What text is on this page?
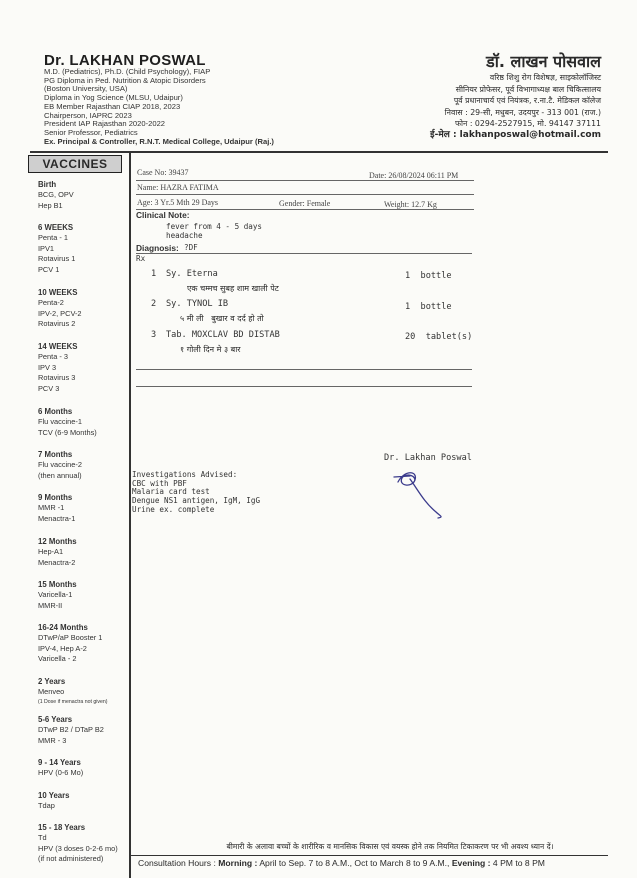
Dr. LAKHAN POSWAL
M.D. (Pediatrics), Ph.D. (Child Psychology), FIAP
PG Diploma in Ped. Nutrition & Atopic Disorders
(Boston University, USA)
Diploma in Yog Science (MLSU, Udaipur)
EB Member Rajasthan CIAP 2018, 2023
Chairperson, IAPRC 2023
President IAP Rajasthan 2020-2022
Senior Professor, Pediatrics
Ex. Principal & Controller, R.N.T. Medical College, Udaipur (Raj.)
डॉ. लाखन पोसवाल
वरिष्ठ शिशु रोग विशेषज्ञ, साइकोलॉजिस्ट
सीनियर प्रोफेसर, पूर्व विभागाध्यक्ष बाल चिकित्सालय
पूर्व प्रधानाचार्य एवं नियंत्रक, र.ना.टै. मेडिकल कॉलेज
निवास : 29-सी, मधुबन, उदयपुर - 313 001 (राज.)
फोन : 0294-2527915, मो. 94147 37111
ई-मेल : lakhanposwal@hotmail.com
VACCINES
Birth
BCG, OPV
Hep B1
6 WEEKS
Penta - 1
IPV1
Rotavirus 1
PCV 1
10 WEEKS
Penta-2
IPV-2, PCV-2
Rotavirus 2
14 WEEKS
Penta - 3
IPV 3
Rotavirus 3
PCV 3
6 Months
Flu vaccine-1
TCV (6-9 Months)
7 Months
Flu vaccine-2
(then annual)
9 Months
MMR -1
Menactra-1
12 Months
Hep-A1
Menactra-2
15 Months
Varicella-1
MMR-II
16-24 Months
DTwP/aP Booster 1
IPV-4, Hep A-2
Varicella - 2
2 Years
Menveo
(1 Dose if menactra not given)
5-6 Years
DTwP B2 / DTaP B2
MMR - 3
9 - 14 Years
HPV (0-6 Mo)
10 Years
Tdap
15 - 18 Years
Td
HPV (3 doses 0-2-6 mo)
(if not administered)
Case No: 39437	Date: 26/08/2024 06:11 PM
Name: HAZRA FATIMA
Age: 3 Yr.5 Mth 29 Days	Gender: Female	Weight: 12.7 Kg
Clinical Note:
fever from 4 - 5 days
headache
Diagnosis: ?DF
Rx
1 Sy. Eterna	1  bottle
एक चम्मच सुबह शाम खाली पेट
2 Sy. TYNOL IB	1  bottle
५ मी ली   बुखार व दर्द हो तो
3 Tab. MOXCLAV BD DISTAB	20  tablet(s)
१ गोली दिन मे ३ बार
Dr. Lakhan Poswal
Investigations Advised:
CBC with PBF
Malaria card test
Dengue NS1 antigen, IgM, IgG
Urine ex. complete
बीमारी के अलावा बच्चों के शारीरिक व मानसिक विकास एवं वयस्क होने तक नियमित टिकाकरण पर भी अवश्य ध्यान दें।
Consultation Hours : Morning : April to Sep. 7 to 8 A.M., Oct to March 8 to 9 A.M., Evening : 4 PM to 8 PM
